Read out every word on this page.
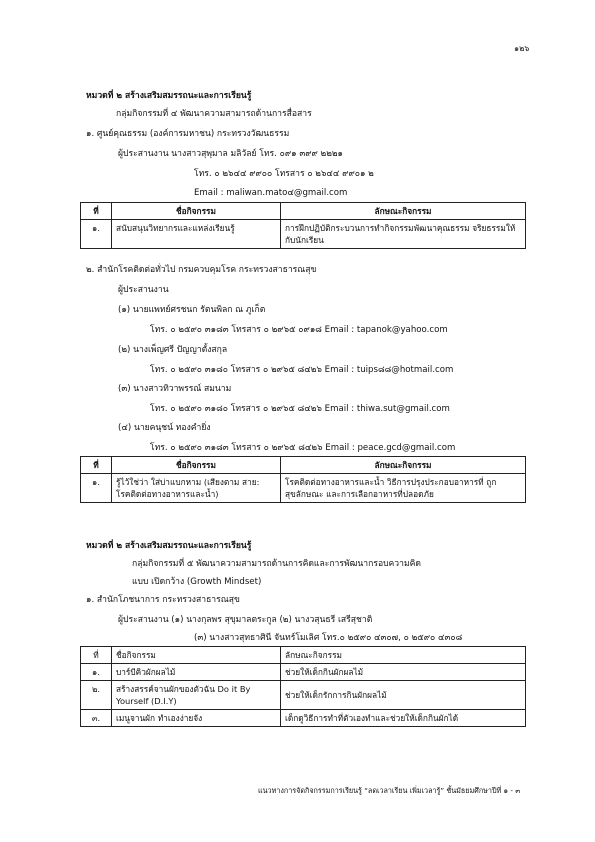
๑๒๖
หมวดที่ ๒ สร้างเสริมสมรรถนะและการเรียนรู้
กลุ่มกิจกรรมที่ ๔ พัฒนาความสามารถด้านการสื่อสาร
๑. ศูนย์คุณธรรม (องค์การมหาชน) กระทรวงวัฒนธรรม
ผู้ประสานงาน นางสาวสุพุมาล มลิวัลย์ โทร. ๐๙๑ ๓๙๙ ๒๒๒๑
โทร. ๐ ๒๖๔๔ ๙๙๐๐ โทรสาร ๐ ๒๖๔๔ ๙๙๐๑ ๒
Email : maliwan.mato๔@gmail.com
ที่	ชื่อกิจกรรม	ลักษณะกิจกรรม
๑.	สนับสนุนวิทยากรและแหล่งเรียนรู้	การฝึกปฏิบัติกระบวนการทำกิจกรรมพัฒนาคุณธรรม จริยธรรมให้กับนักเรียน
๒. สำนักโรคติดต่อทั่วไป กรมควบคุมโรค กระทรวงสาธารณสุข
ผู้ประสานงาน
(๑) นายแพทย์ศรชนก รัตนพิลก ณ ภูเก็ต
โทร. ๐ ๒๕๙๐ ๓๑๘๓ โทรสาร ๐ ๒๙๖๕ ๐๙๑๘ Email : tapanok@yahoo.com
(๒) นางเพ็ญศรี ปัญญาตั้งสกุล
โทร. ๐ ๒๕๙๐ ๓๑๘๐ โทรสาร ๐ ๒๙๖๕ ๘๔๒๖ Email : tuips๘๘@hotmail.com
(๓) นางสาวทิวาพรรณ์ สมนาม
โทร. ๐ ๒๕๙๐ ๓๑๘๐ โทรสาร ๐ ๒๙๖๕ ๘๔๒๖ Email : thiwa.sut@gmail.com
(๔) นายคนุชน์ ทองคำยิ่ง
โทร. ๐ ๒๕๙๐ ๓๑๘๓ โทรสาร ๐ ๒๙๖๕ ๘๔๒๖ Email : peace.gcd@gmail.com
ที่	ชื่อกิจกรรม	ลักษณะกิจกรรม
๑.	รู้ไว้ใช่ว่า ใส่บ่าแบกหาม (เสียงตาม สาย: โรคติดต่อทางอาหารและน้ำ)	โรคติดต่อทางอาหารและน้ำ วิธีการปรุงประกอบอาหารที่ ถูกสุขลักษณะ และการเลือกอาหารที่ปลอดภัย
หมวดที่ ๒ สร้างเสริมสมรรถนะและการเรียนรู้
กลุ่มกิจกรรมที่ ๕ พัฒนาความสามารถด้านการคิดและการพัฒนากรอบความคิด
แบบ เปิดกว้าง (Growth Mindset)
๑. สำนักโภชนาการ กระทรวงสาธารณสุข
ผู้ประสานงาน (๑) นางกุลพร สุขุมาลตระกูล (๒) นางวสุนธรี เสรีสุชาติ
(๓) นางสาวสุทธาศินี จันทร์โมเลิศ โทร.๐ ๒๕๙๐ ๔๓๐๗, ๐ ๒๕๙๐ ๔๓๐๘
ที่	ชื่อกิจกรรม	ลักษณะกิจกรรม
๑.	บาร์บีคิวผักผลไม้	ช่วยให้เด็กกินผักผลไม้
๒.	สร้างสรรค์จานผักของตัวฉัน Do it By Yourself (D.I.Y)	ช่วยให้เด็กรักการกินผักผลไม้
๓.	เมนูจานผัก ทำเองง่ายจัง	เด็กดูวิธีการทำที่ตัวเองทำและช่วยให้เด็กกินผักได้
แนวทางการจัดกิจกรรมการเรียนรู้ “ลดเวลาเรียน เพิ่มเวลารู้” ชั้นมัธยมศึกษาปีที่ ๑ - ๓
